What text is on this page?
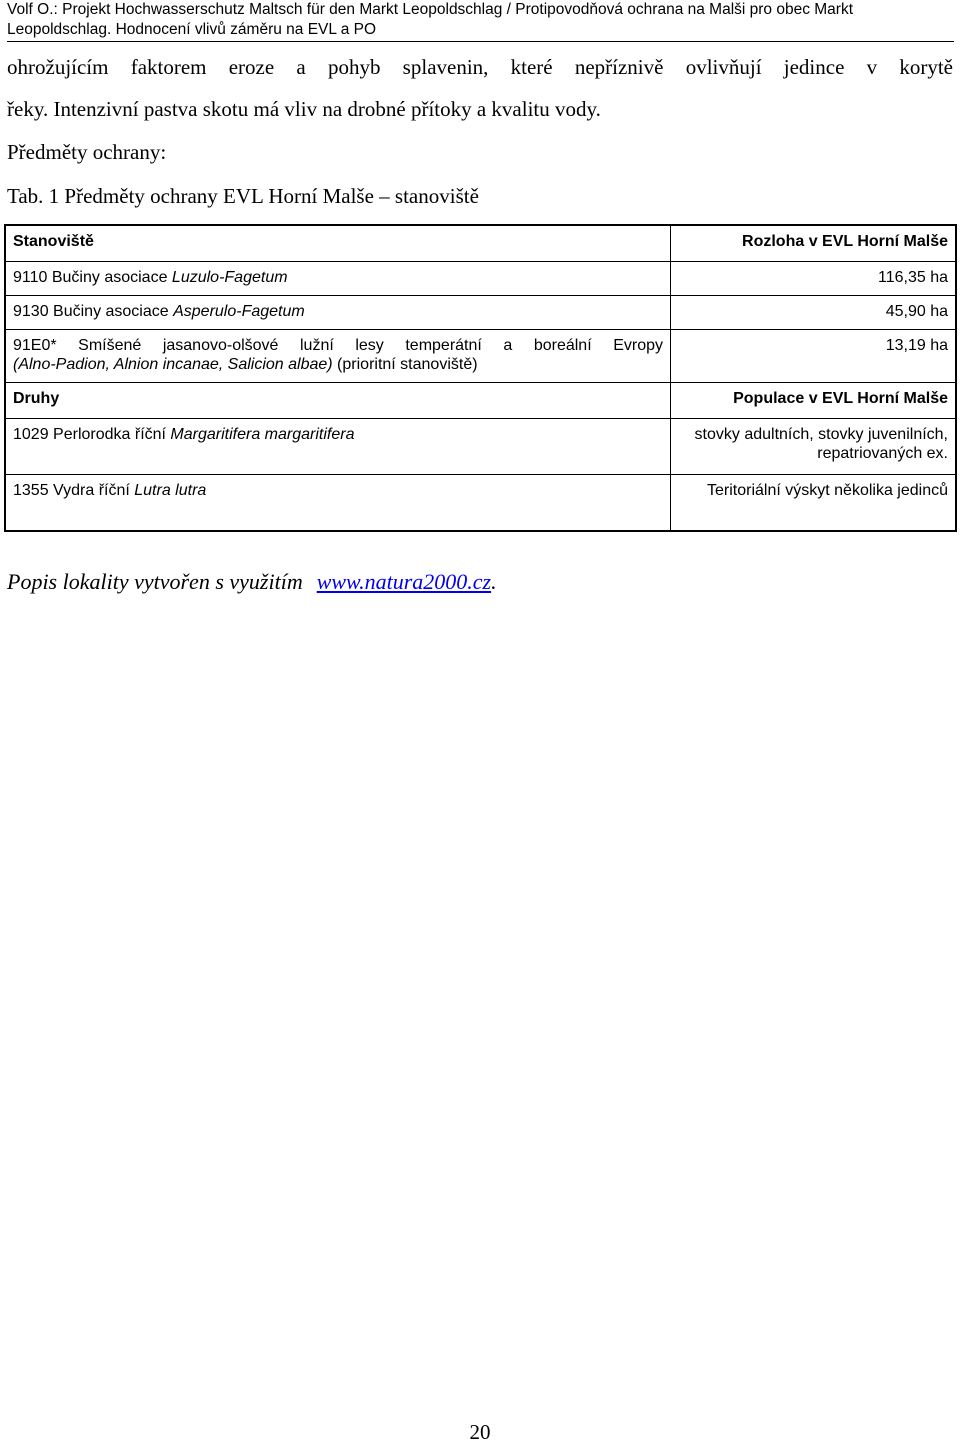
Volf O.: Projekt Hochwasserschutz Maltsch für den Markt Leopoldschlag / Protipovodňová ochrana na Malši pro obec Markt
Leopoldschlag. Hodnocení vlivů záměru na EVL a PO
ohrožujícím faktorem eroze a pohyb splavenin, které nepříznivě ovlivňují jedince v korytě
řeky. Intenzivní pastva skotu má vliv na drobné přítoky a kvalitu vody.
Předměty ochrany:
Tab. 1 Předměty ochrany EVL Horní Malše – stanoviště
Stanoviště	Rozloha v EVL Horní Malše
9110 Bučiny asociace Luzulo-Fagetum	116,35 ha
9130 Bučiny asociace Asperulo-Fagetum	45,90 ha

91E0* Smíšené jasanovo-olšové lužní lesy temperátní a boreální Evropy
(Alno-Padion, Alnion incanae, Salicion albae) (prioritní stanoviště)	13,19 ha
Druhy	Populace v EVL Horní Malše
1029 Perlorodka říční Margaritifera margaritifera	stovky adultních, stovky juvenilních, repatriovaných ex.
1355 Vydra říční Lutra lutra	Teritoriální výskyt několika jedinců
Popis lokality vytvořen s využitím www.natura2000.cz.
20
